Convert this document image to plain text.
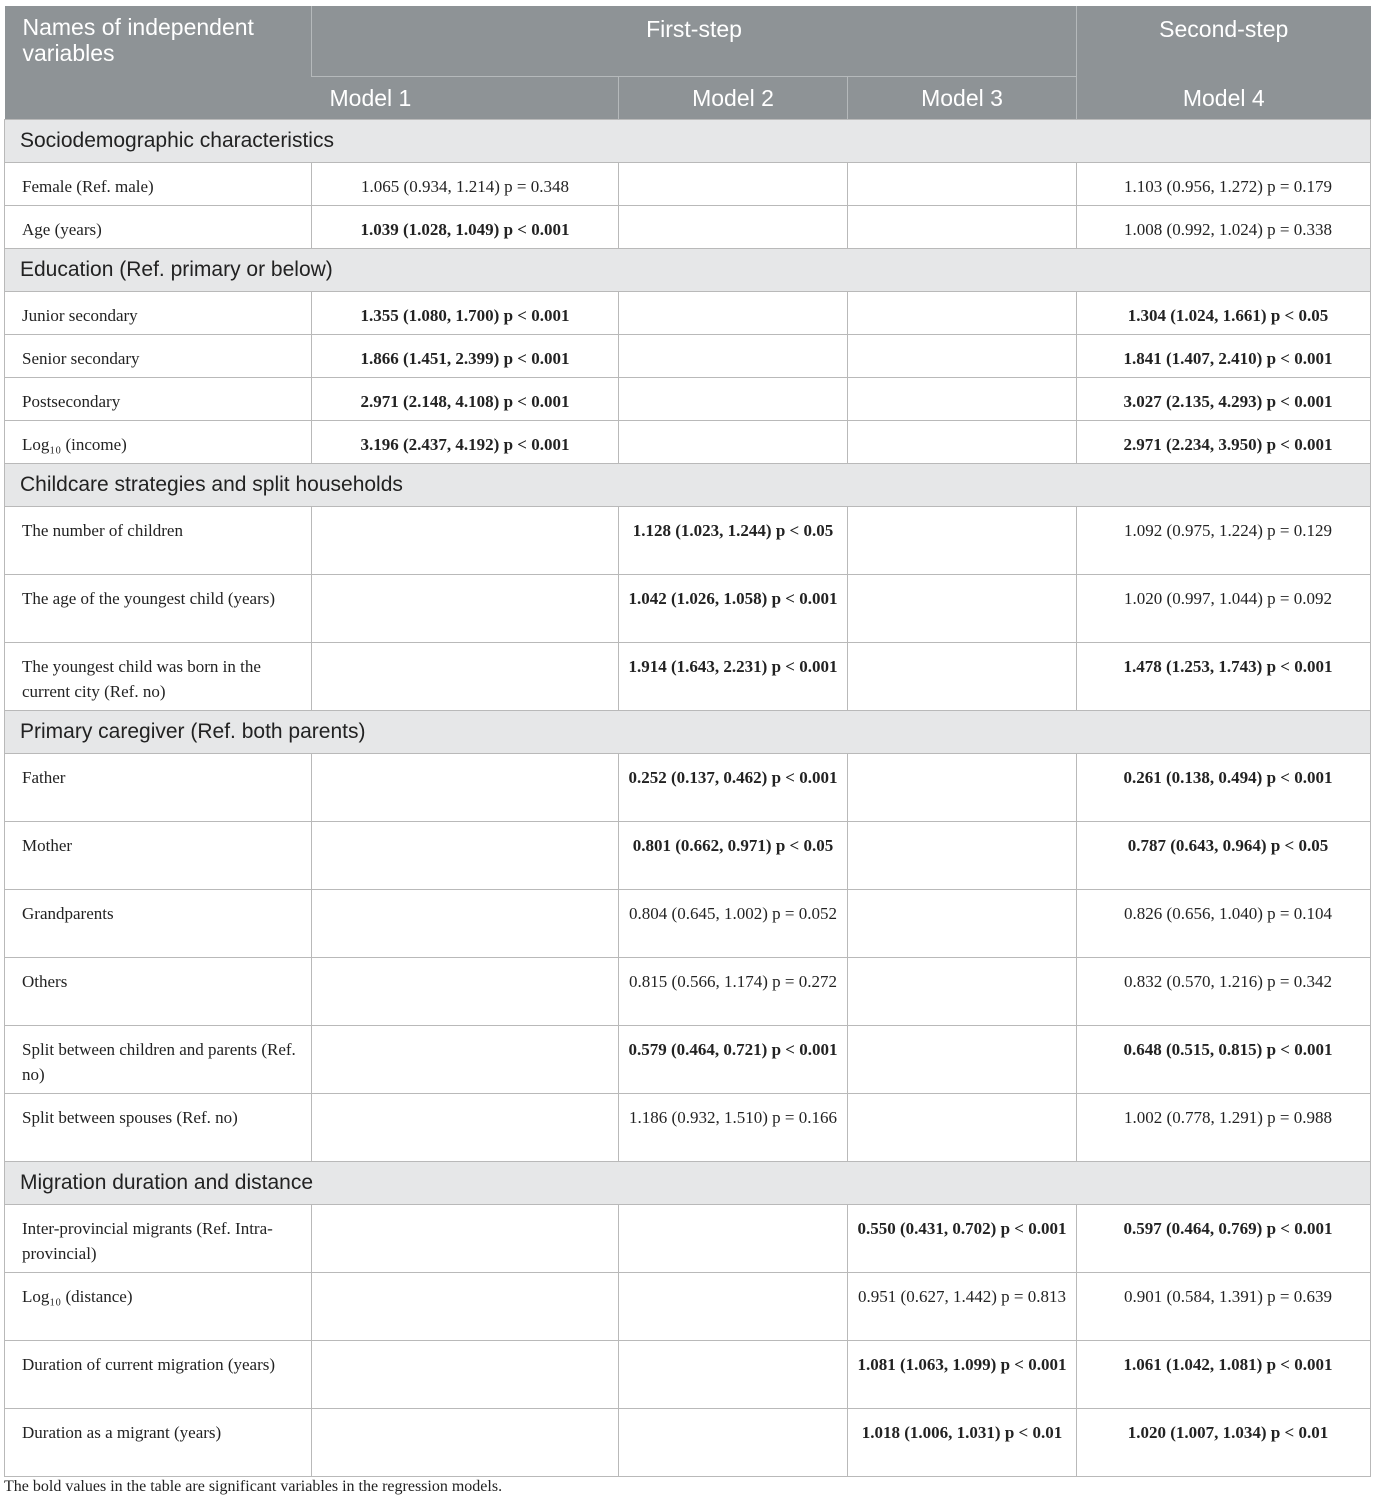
Names of independent variables	First-step			Second-step
	Model 1	Model 2	Model 3	Model 4
Sociodemographic characteristics				
Female (Ref. male)	1.065 (0.934, 1.214) p = 0.348			1.103 (0.956, 1.272) p = 0.179
Age (years)	1.039 (1.028, 1.049) p < 0.001			1.008 (0.992, 1.024) p = 0.338
Education (Ref. primary or below)				
Junior secondary	1.355 (1.080, 1.700) p < 0.001			1.304 (1.024, 1.661) p < 0.05
Senior secondary	1.866 (1.451, 2.399) p < 0.001			1.841 (1.407, 2.410) p < 0.001
Postsecondary	2.971 (2.148, 4.108) p < 0.001			3.027 (2.135, 4.293) p < 0.001
Log₁₀ (income)	3.196 (2.437, 4.192) p < 0.001			2.971 (2.234, 3.950) p < 0.001
Childcare strategies and split households				
The number of children		1.128 (1.023, 1.244) p < 0.05		1.092 (0.975, 1.224) p = 0.129
The age of the youngest child (years)		1.042 (1.026, 1.058) p < 0.001		1.020 (0.997, 1.044) p = 0.092
The youngest child was born in the current city (Ref. no)		1.914 (1.643, 2.231) p < 0.001		1.478 (1.253, 1.743) p < 0.001
Primary caregiver (Ref. both parents)				
Father		0.252 (0.137, 0.462) p < 0.001		0.261 (0.138, 0.494) p < 0.001
Mother		0.801 (0.662, 0.971) p < 0.05		0.787 (0.643, 0.964) p < 0.05
Grandparents		0.804 (0.645, 1.002) p = 0.052		0.826 (0.656, 1.040) p = 0.104
Others		0.815 (0.566, 1.174) p = 0.272		0.832 (0.570, 1.216) p = 0.342
Split between children and parents (Ref. no)		0.579 (0.464, 0.721) p < 0.001		0.648 (0.515, 0.815) p < 0.001
Split between spouses (Ref. no)		1.186 (0.932, 1.510) p = 0.166		1.002 (0.778, 1.291) p = 0.988
Migration duration and distance				
Inter-provincial migrants (Ref. Intra-provincial)			0.550 (0.431, 0.702) p < 0.001	0.597 (0.464, 0.769) p < 0.001
Log₁₀ (distance)			0.951 (0.627, 1.442) p = 0.813	0.901 (0.584, 1.391) p = 0.639
Duration of current migration (years)			1.081 (1.063, 1.099) p < 0.001	1.061 (1.042, 1.081) p < 0.001
Duration as a migrant (years)			1.018 (1.006, 1.031) p < 0.01	1.020 (1.007, 1.034) p < 0.01
The bold values in the table are significant variables in the regression models.
